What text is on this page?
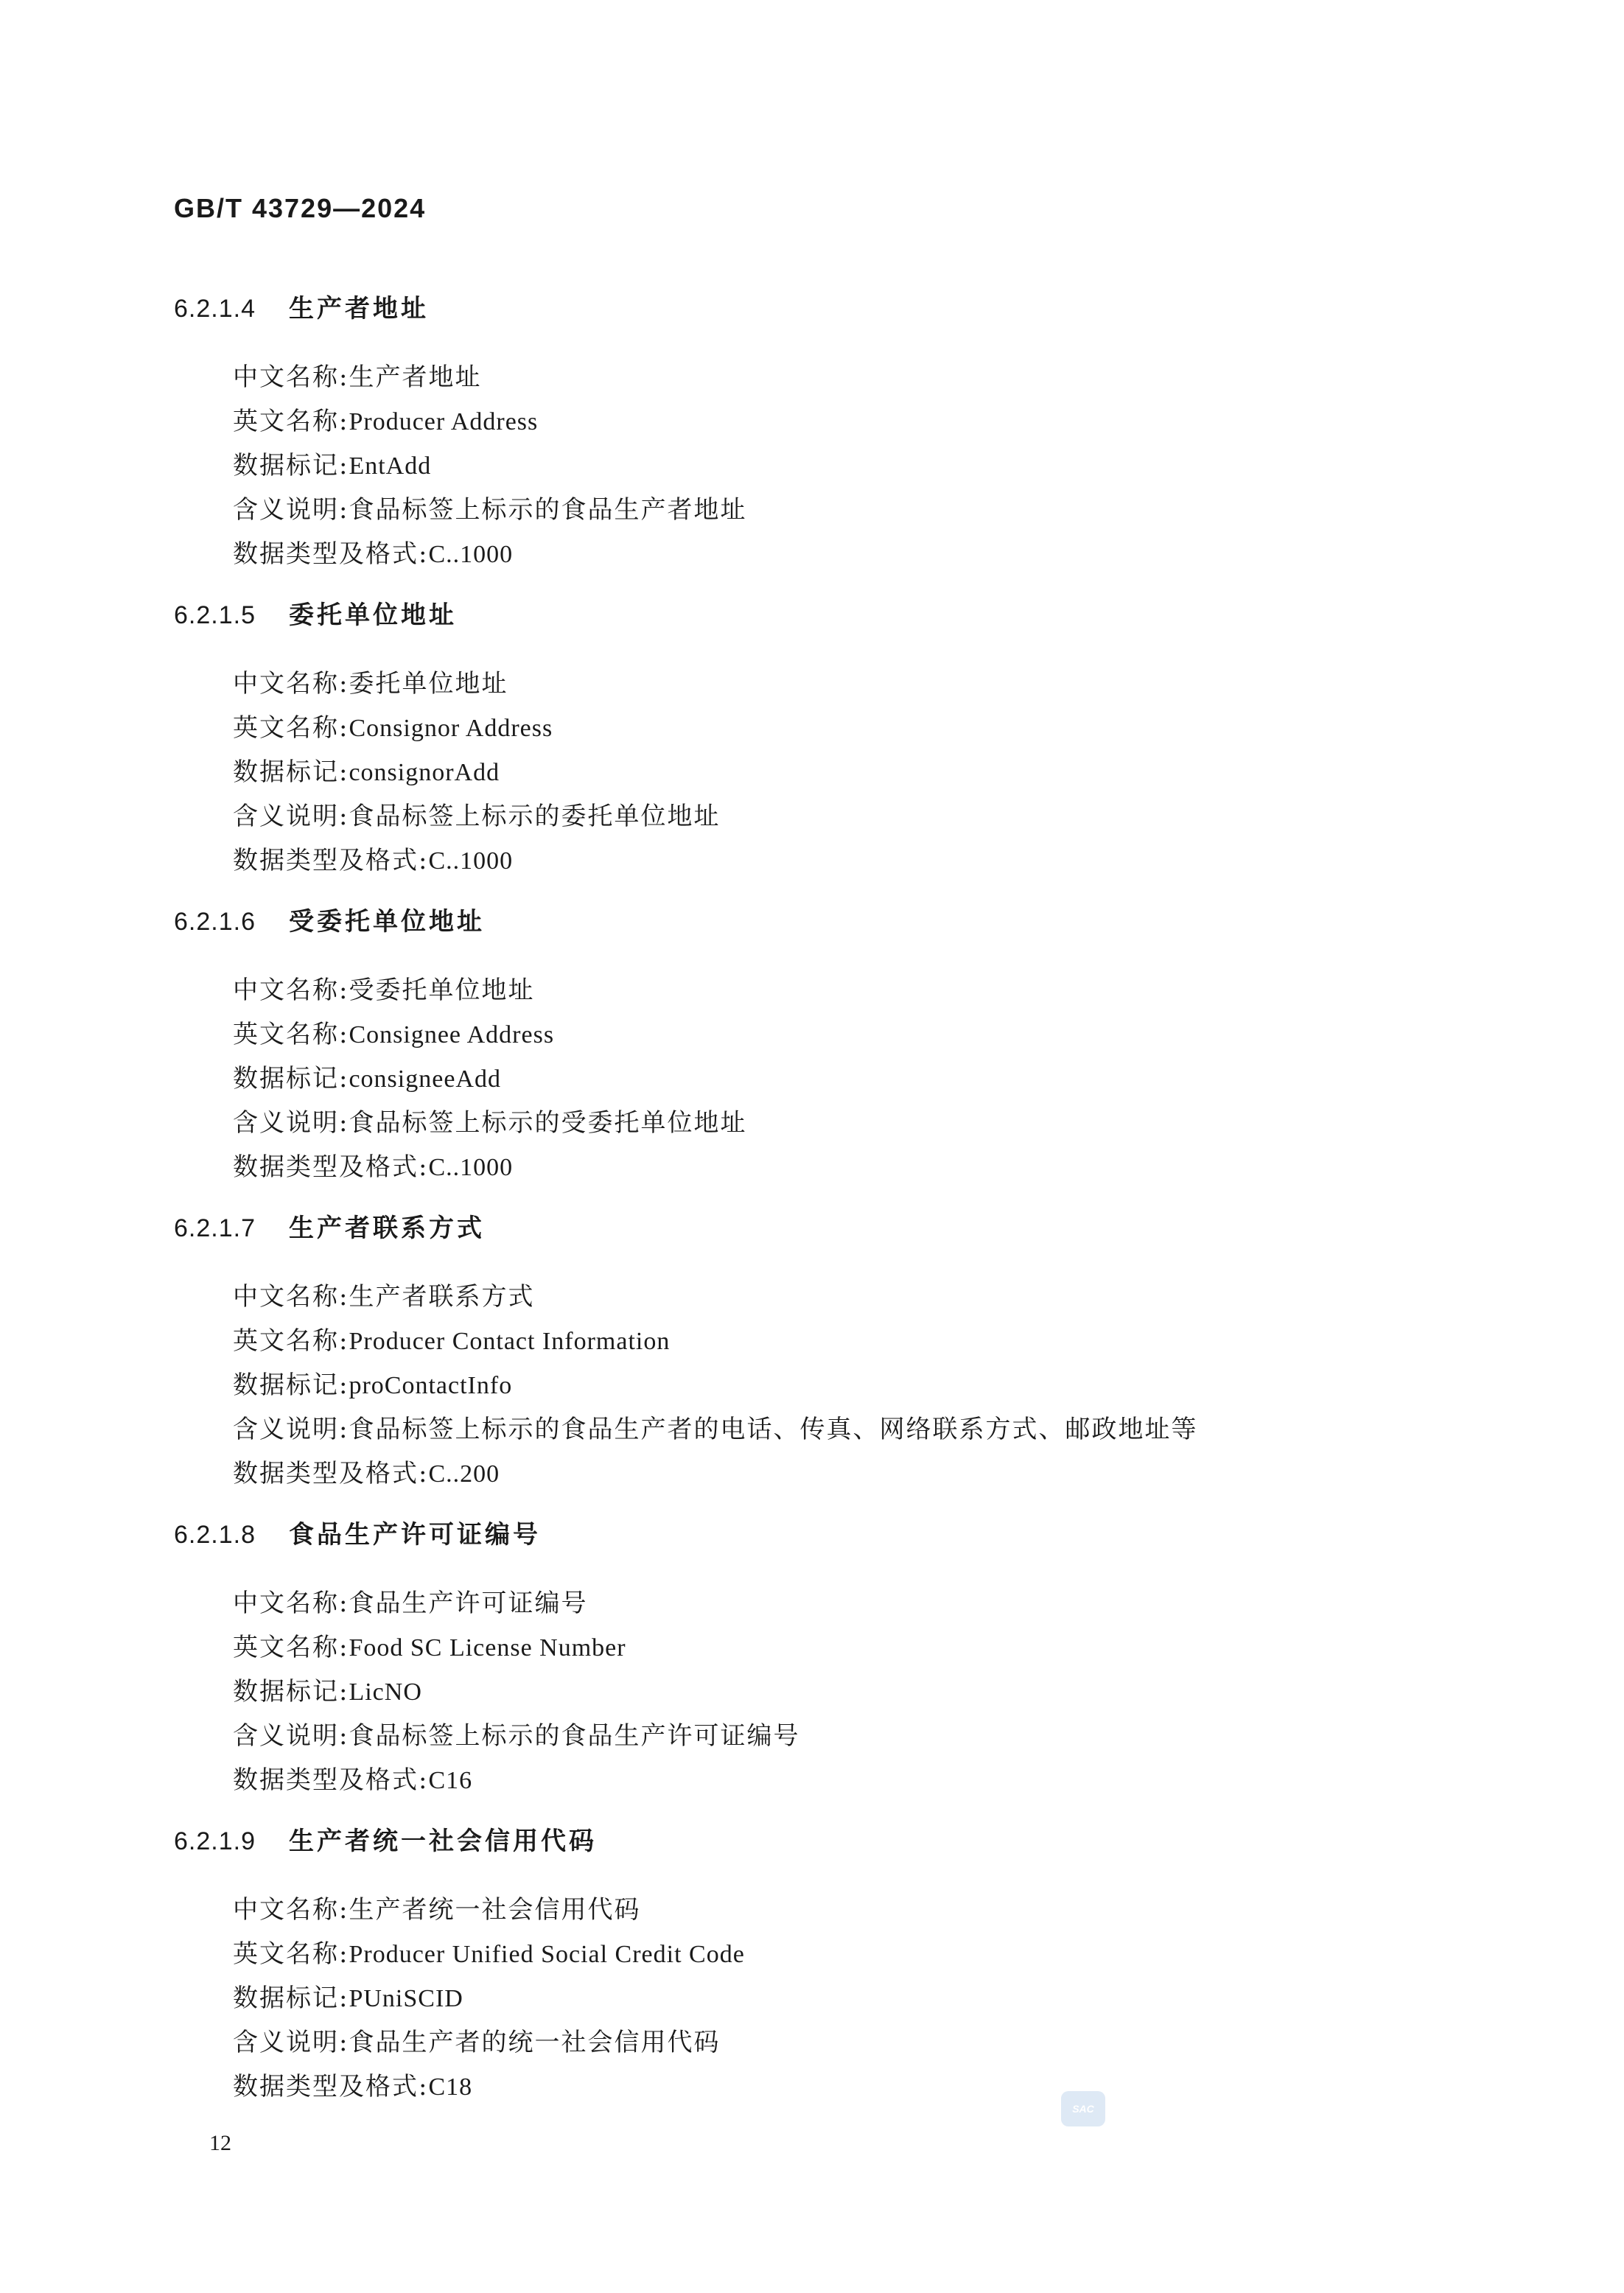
GB/T 43729—2024
6.2.1.4 生产者地址
中文名称:生产者地址
英文名称:Producer Address
数据标记:EntAdd
含义说明:食品标签上标示的食品生产者地址
数据类型及格式:C..1000
6.2.1.5 委托单位地址
中文名称:委托单位地址
英文名称:Consignor Address
数据标记:consignorAdd
含义说明:食品标签上标示的委托单位地址
数据类型及格式:C..1000
6.2.1.6 受委托单位地址
中文名称:受委托单位地址
英文名称:Consignee Address
数据标记:consigneeAdd
含义说明:食品标签上标示的受委托单位地址
数据类型及格式:C..1000
6.2.1.7 生产者联系方式
中文名称:生产者联系方式
英文名称:Producer Contact Information
数据标记:proContactInfo
含义说明:食品标签上标示的食品生产者的电话、传真、网络联系方式、邮政地址等
数据类型及格式:C..200
6.2.1.8 食品生产许可证编号
中文名称:食品生产许可证编号
英文名称:Food SC License Number
数据标记:LicNO
含义说明:食品标签上标示的食品生产许可证编号
数据类型及格式:C16
6.2.1.9 生产者统一社会信用代码
中文名称:生产者统一社会信用代码
英文名称:Producer Unified Social Credit Code
数据标记:PUniSCID
含义说明:食品生产者的统一社会信用代码
数据类型及格式:C18
SAC
12
